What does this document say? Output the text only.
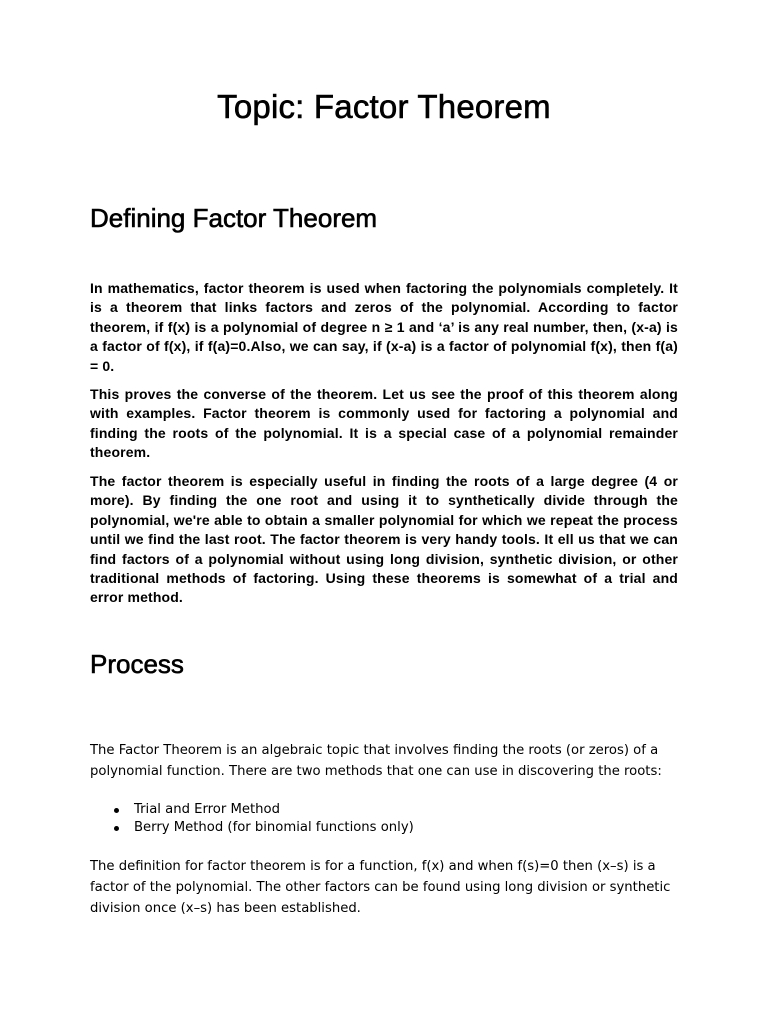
Topic: Factor Theorem
Defining Factor Theorem

In mathematics, factor theorem is used when factoring the polynomials completely. It is a theorem that links factors and zeros of the polynomial. According to factor theorem, if f(x) is a polynomial of degree n ≥ 1 and ‘a’ is any real number, then, (x-a) is a factor of f(x), if f(a)=0.Also, we can say, if (x-a) is a factor of polynomial f(x), then f(a) = 0.

This proves the converse of the theorem. Let us see the proof of this theorem along with examples. Factor theorem is commonly used for factoring a polynomial and finding the roots of the polynomial. It is a special case of a polynomial remainder theorem.

The factor theorem is especially useful in finding the roots of a large degree (4 or more). By finding the one root and using it to synthetically divide through the polynomial, we're able to obtain a smaller polynomial for which we repeat the process until we find the last root. The factor theorem is very handy tools. It ell us that we can find factors of a polynomial without using long division, synthetic division, or other traditional methods of factoring. Using these theorems is somewhat of a trial and error method.

Process

The Factor Theorem is an algebraic topic that involves finding the roots (or zeros) of a polynomial function. There are two methods that one can use in discovering the roots:

Trial and Error Method
Berry Method (for binomial functions only)

The definition for factor theorem is for a function, f(x) and when f(s)=0 then (x–s) is a factor of the polynomial. The other factors can be found using long division or synthetic division once (x–s) has been established.
